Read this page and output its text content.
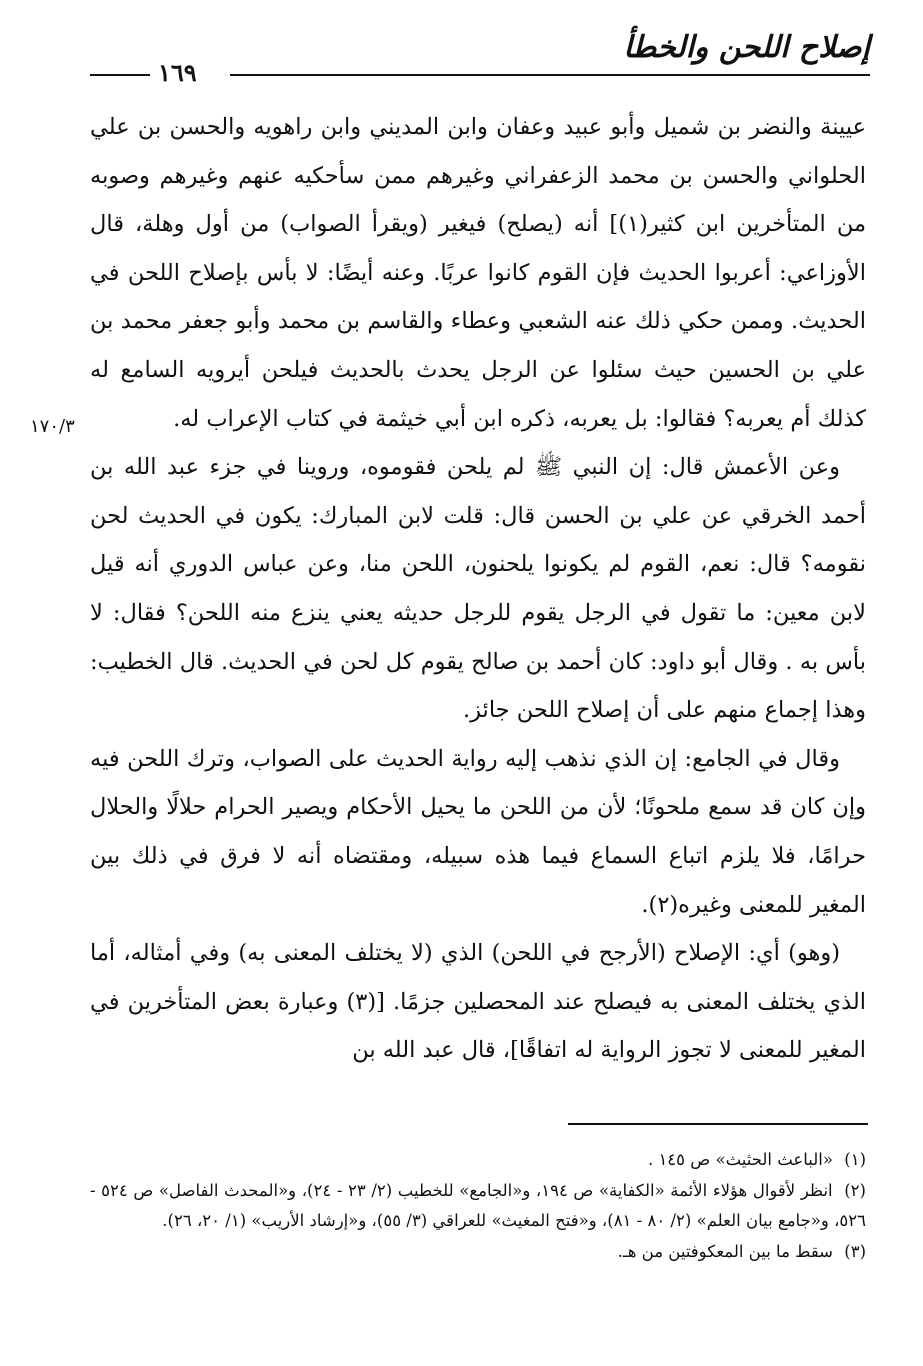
إصلاح اللحن والخطأ
١٦٩
١٧٠/٣

عيينة والنضر بن شميل وأبو عبيد وعفان وابن المديني وابن راهويه والحسن بن علي الحلواني والحسن بن محمد الزعفراني وغيرهم ممن سأحكيه عنهم وغيرهم وصوبه من المتأخرين ابن كثير(١)] أنه (يصلح) فيغير (ويقرأ الصواب) من أول وهلة، قال الأوزاعي: أعربوا الحديث فإن القوم كانوا عربًا. وعنه أيضًا: لا بأس بإصلاح اللحن في الحديث. وممن حكي ذلك عنه الشعبي وعطاء والقاسم بن محمد وأبو جعفر محمد بن علي بن الحسين حيث سئلوا عن الرجل يحدث بالحديث فيلحن أيرويه السامع له كذلك أم يعربه؟ فقالوا: بل يعربه، ذكره ابن أبي خيثمة في كتاب الإعراب له.

وعن الأعمش قال: إن النبي ﷺ لم يلحن فقوموه، وروينا في جزء عبد الله بن أحمد الخرقي عن علي بن الحسن قال: قلت لابن المبارك: يكون في الحديث لحن نقومه؟ قال: نعم، القوم لم يكونوا يلحنون، اللحن منا، وعن عباس الدوري أنه قيل لابن معين: ما تقول في الرجل يقوم للرجل حديثه يعني ينزع منه اللحن؟ فقال: لا بأس به . وقال أبو داود: كان أحمد بن صالح يقوم كل لحن في الحديث. قال الخطيب: وهذا إجماع منهم على أن إصلاح اللحن جائز.

وقال في الجامع: إن الذي نذهب إليه رواية الحديث على الصواب، وترك اللحن فيه وإن كان قد سمع ملحونًا؛ لأن من اللحن ما يحيل الأحكام ويصير الحرام حلالًا والحلال حرامًا، فلا يلزم اتباع السماع فيما هذه سبيله، ومقتضاه أنه لا فرق في ذلك بين المغير للمعنى وغيره(٢).

(وهو) أي: الإصلاح (الأرجح في اللحن) الذي (لا يختلف المعنى به) وفي أمثاله، أما الذي يختلف المعنى به فيصلح عند المحصلين جزمًا. [(٣) وعبارة بعض المتأخرين في المغير للمعنى لا تجوز الرواية له اتفاقًا]، قال عبد الله بن

(١) «الباعث الحثيث» ص ١٤٥ .

(٢) انظر لأقوال هؤلاء الأئمة «الكفاية» ص ١٩٤، و«الجامع» للخطيب (٢/ ٢٣ - ٢٤)، و«المحدث الفاصل» ص ٥٢٤ - ٥٢٦، و«جامع بيان العلم» (٢/ ٨٠ - ٨١)، و«فتح المغيث» للعراقي (٣/ ٥٥)، و«إرشاد الأريب» (١/ ٢٠، ٢٦).

(٣) سقط ما بين المعكوفتين من هـ.
